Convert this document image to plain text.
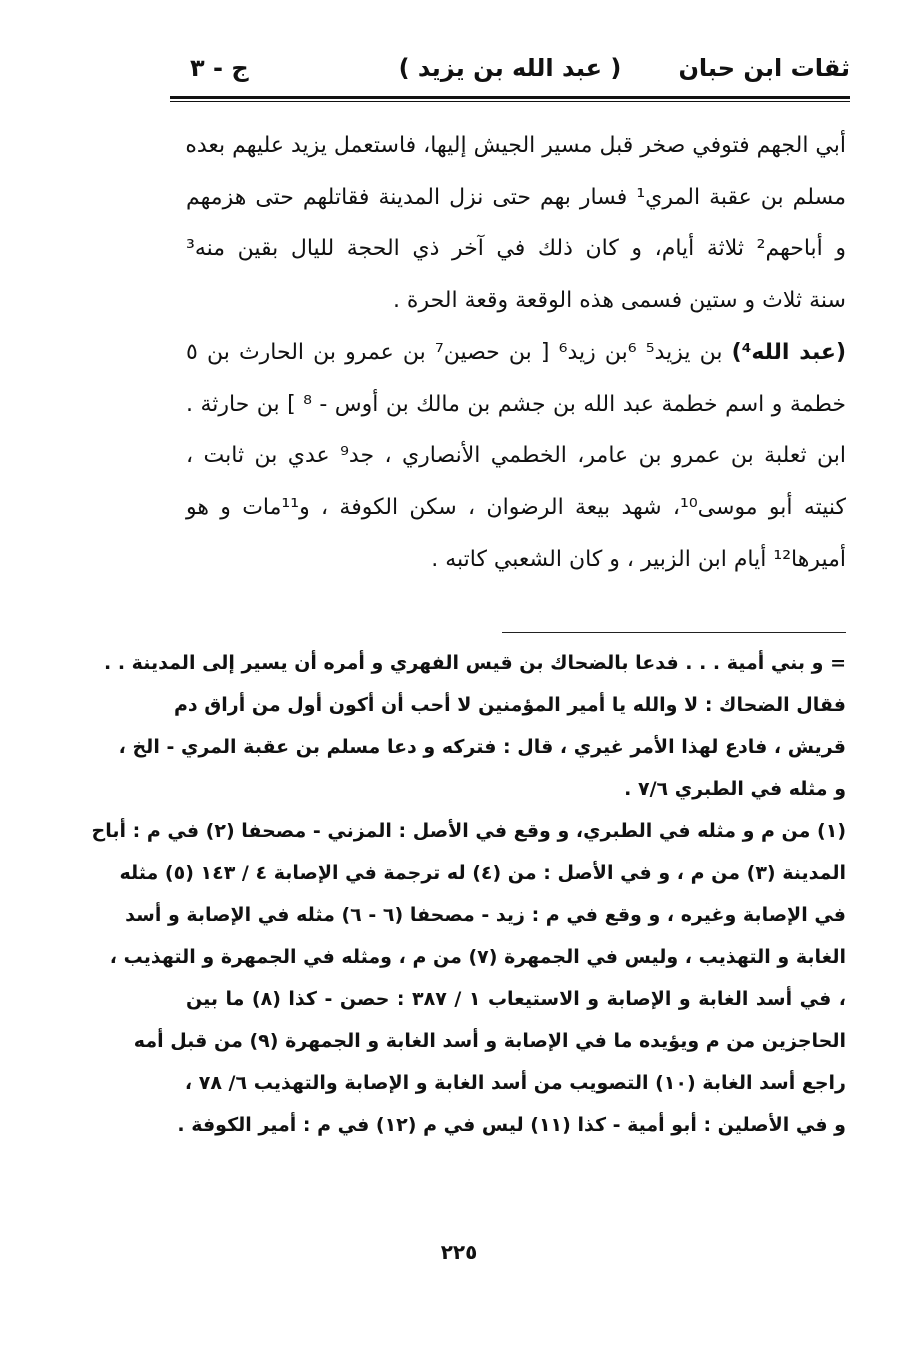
ثقات ابن حبان
( عبد الله بن يزيد )
ج - ٣
أبي الجهم فتوفي صخر قبل مسير الجيش إليها، فاستعمل يزيد عليهم بعده
مسلم بن عقبة المري¹ فسار بهم حتى نزل المدينة فقاتلهم حتى هزمهم
و أباحهم² ثلاثة أيام، و كان ذلك في آخر ذي الحجة لليال بقين منه³
سنة ثلاث و ستين فسمى هذه الوقعة وقعة الحرة .
(عبد الله⁴) بن يزيد⁵ ⁶بن زيد⁶ [ بن حصين⁷ بن عمرو بن الحارث بن ٥
خطمة و اسم خطمة عبد الله بن جشم بن مالك بن أوس - ⁸ ] بن حارثة .
ابن ثعلبة بن عمرو بن عامر، الخطمي الأنصاري ، جد⁹ عدي بن ثابت ،
كنيته أبو موسى¹⁰، شهد بيعة الرضوان ، سكن الكوفة ، و¹¹مات و هو
أميرها¹² أيام ابن الزبير ، و كان الشعبي كاتبه .
= و بني أمية . . . فدعا بالضحاك بن قيس الفهري و أمره أن يسير إلى المدينة . .
فقال الضحاك : لا والله يا أمير المؤمنين لا أحب أن أكون أول من أراق دم
قريش ، فادع لهذا الأمر غيري ، قال : فتركه و دعا مسلم بن عقبة المري - الخ ،
و مثله في الطبري ٧/٦ .
(١) من م و مثله في الطبري، و وقع في الأصل : المزني - مصحفا (٢) في م : أباح
المدينة (٣) من م ، و في الأصل : من (٤) له ترجمة في الإصابة ٤ / ١٤٣ (٥) مثله
في الإصابة وغيره ، و وقع في م : زيد - مصحفا (٦ - ٦) مثله في الإصابة و أسد
الغابة و التهذيب ، وليس في الجمهرة (٧) من م ، ومثله في الجمهرة و التهذيب ،
، في أسد الغابة و الإصابة و الاستيعاب ١ / ٣٨٧ : حصن - كذا (٨) ما بين
الحاجزين من م ويؤيده ما في الإصابة و أسد الغابة و الجمهرة (٩) من قبل أمه
راجع أسد الغابة (١٠) التصويب من أسد الغابة و الإصابة والتهذيب ٦/ ٧٨ ،
و في الأصلين : أبو أمية - كذا (١١) ليس في م (١٢) في م : أمير الكوفة .
٢٢٥
